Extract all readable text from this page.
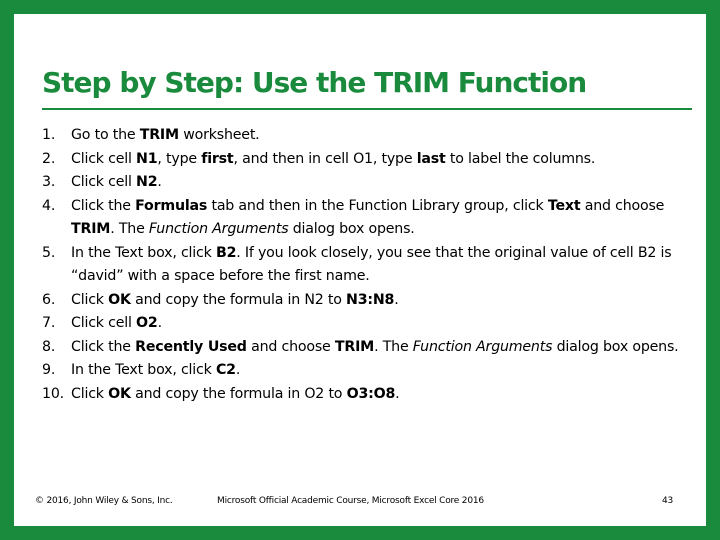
Step by Step: Use the TRIM Function
1. Go to the TRIM worksheet.
2. Click cell N1, type first, and then in cell O1, type last to label the columns.
3. Click cell N2.
4. Click the Formulas tab and then in the Function Library group, click Text and choose TRIM. The Function Arguments dialog box opens.
5. In the Text box, click B2. If you look closely, you see that the original value of cell B2 is “david” with a space before the first name.
6. Click OK and copy the formula in N2 to N3:N8.
7. Click cell O2.
8. Click the Recently Used and choose TRIM. The Function Arguments dialog box opens.
9. In the Text box, click C2.
10. Click OK and copy the formula in O2 to O3:O8.
© 2016, John Wiley & Sons, Inc.	Microsoft Official Academic Course, Microsoft Excel Core 2016	43
